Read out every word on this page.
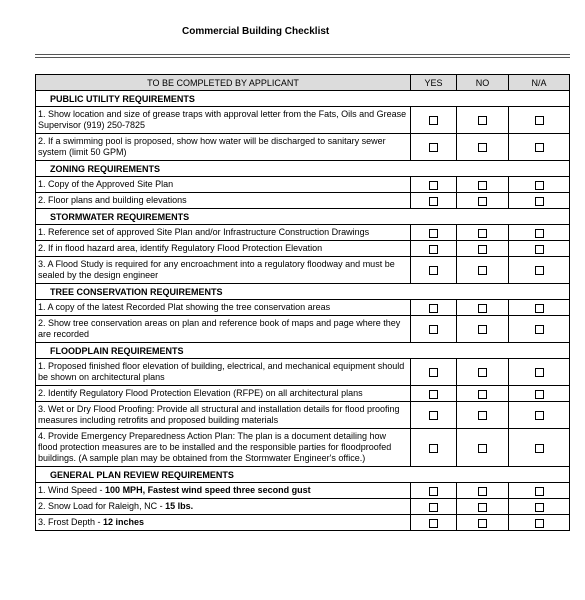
Commercial Building Checklist
TO BE COMPLETED BY APPLICANT	YES	NO	N/A
PUBLIC UTILITY REQUIREMENTS			
1. Show location and size of grease traps with approval letter from the Fats, Oils and Grease Supervisor (919) 250-7825			
2. If a swimming pool is proposed, show how water will be discharged to sanitary sewer system (limit 50 GPM)			
ZONING REQUIREMENTS			
1. Copy of the Approved Site Plan			
2. Floor plans and building elevations			
STORMWATER REQUIREMENTS			
1. Reference set of approved Site Plan and/or Infrastructure Construction Drawings			
2. If in flood hazard area, identify Regulatory Flood Protection Elevation			
3. A Flood Study is required for any encroachment into a regulatory floodway and must be sealed by the design engineer			
TREE CONSERVATION REQUIREMENTS			
1. A copy of the latest Recorded Plat showing the tree conservation areas			
2. Show tree conservation areas on plan and reference book of maps and page where they are recorded			
FLOODPLAIN REQUIREMENTS			
1. Proposed finished floor elevation of building, electrical, and mechanical equipment should be shown on architectural plans			
2. Identify Regulatory Flood Protection Elevation (RFPE) on all architectural plans			
3. Wet or Dry Flood Proofing: Provide all structural and installation details for flood proofing measures including retrofits and proposed building materials			
4. Provide Emergency Preparedness Action Plan: The plan is a document detailing how flood protection measures are to be installed and the responsible parties for floodproofed buildings. (A sample plan may be obtained from the Stormwater Engineer's office.)			
GENERAL PLAN REVIEW REQUIREMENTS			
1. Wind Speed - 100 MPH, Fastest wind speed three second gust			
2. Snow Load for Raleigh, NC - 15 lbs.			
3. Frost Depth - 12 inches			
